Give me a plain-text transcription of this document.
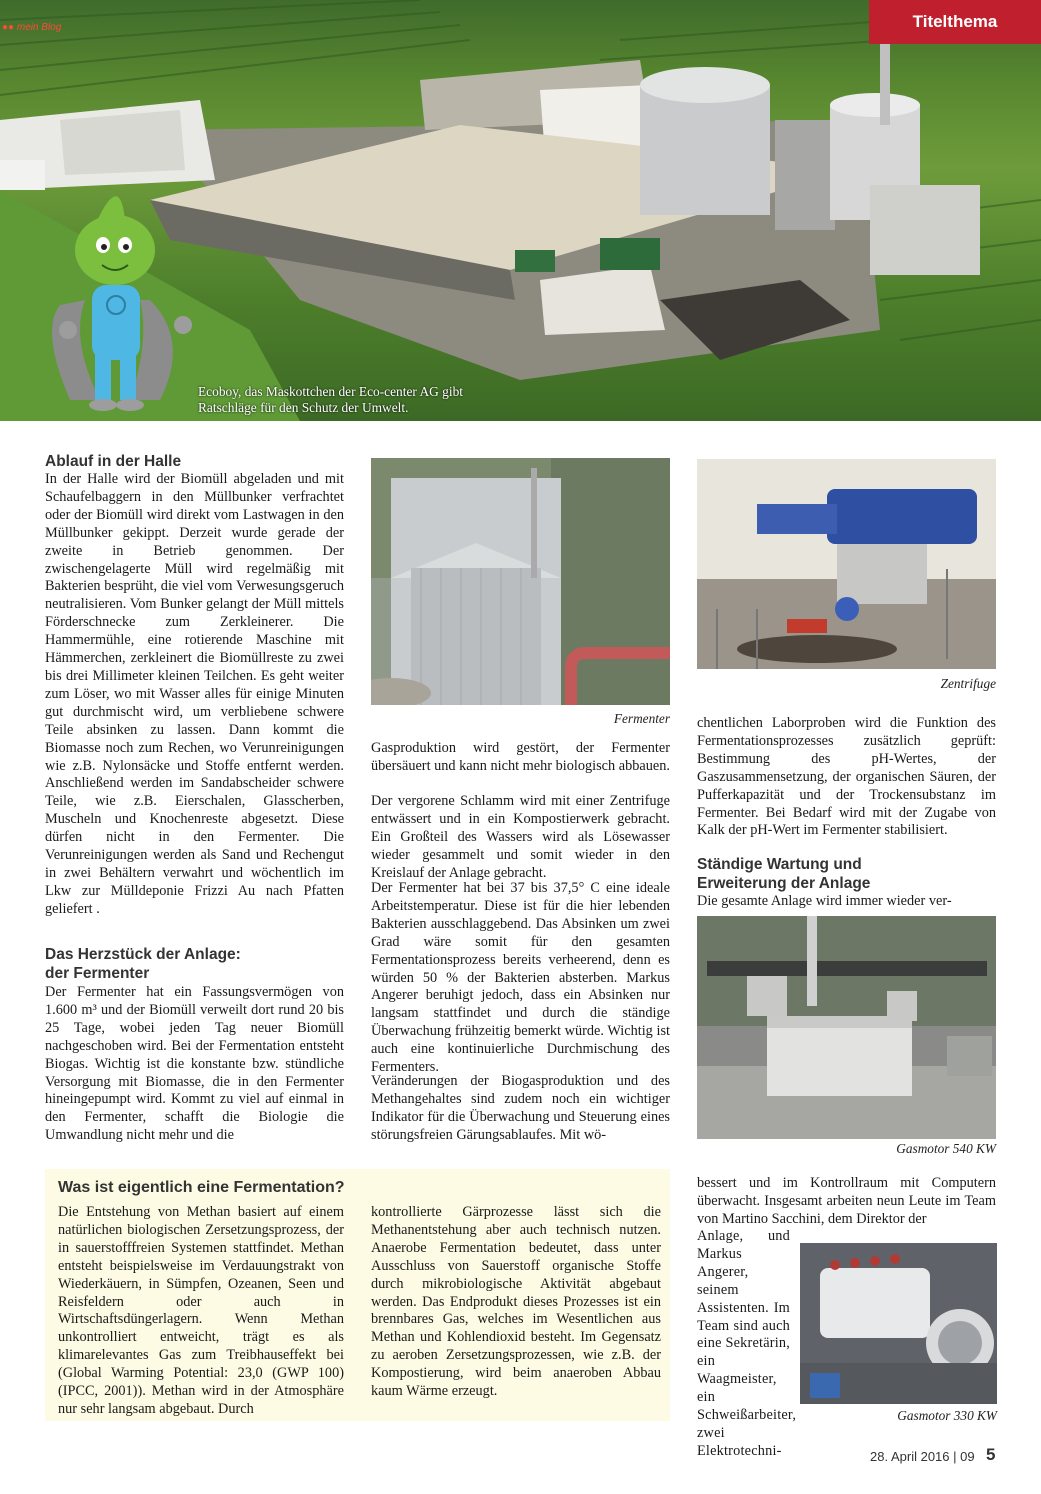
●● mein Blog	Titelthema
Ecoboy, das Maskottchen der Eco-center AG gibt Ratschläge für den Schutz der Umwelt.
Ablauf in der Halle
In der Halle wird der Biomüll abgeladen und mit Schaufelbaggern in den Müllbunker verfrachtet oder der Biomüll wird direkt vom Lastwagen in den Müllbunker gekippt. Derzeit wurde gerade der zweite in Betrieb genommen. Der zwischengelagerte Müll wird regelmäßig mit Bakterien besprüht, die viel vom Verwesungsgeruch neutralisieren. Vom Bunker gelangt der Müll mittels Förderschnecke zum Zerkleinerer. Die Hammermühle, eine rotierende Maschine mit Hämmerchen, zerkleinert die Biomüllreste zu zwei bis drei Millimeter kleinen Teilchen. Es geht weiter zum Löser, wo mit Wasser alles für einige Minuten gut durchmischt wird, um verbliebene schwere Teile absinken zu lassen. Dann kommt die Biomasse noch zum Rechen, wo Verunreinigungen wie z.B. Nylonsäcke und Stoffe entfernt werden. Anschließend werden im Sandabscheider schwere Teile, wie z.B. Eierschalen, Glasscherben, Muscheln und Knochenreste abgesetzt. Diese dürfen nicht in den Fermenter. Die Verunreinigungen werden als Sand und Rechengut in zwei Behältern verwahrt und wöchentlich im Lkw zur Mülldeponie Frizzi Au nach Pfatten geliefert .
Das Herzstück der Anlage:
der Fermenter
Der Fermenter hat ein Fassungsvermögen von 1.600 m³ und der Biomüll verweilt dort rund 20 bis 25 Tage, wobei jeden Tag neuer Biomüll nachgeschoben wird. Bei der Fermentation entsteht Biogas. Wichtig ist die konstante bzw. stündliche Versorgung mit Biomasse, die in den Fermenter hineingepumpt wird. Kommt zu viel auf einmal in den Fermenter, schafft die Biologie die Umwandlung nicht mehr und die
Fermenter
Gasproduktion wird gestört, der Fermenter übersäuert und kann nicht mehr biologisch abbauen.
Der vergorene Schlamm wird mit einer Zentrifuge entwässert und in ein Kompostierwerk gebracht. Ein Großteil des Wassers wird als Lösewasser wieder gesammelt und somit wieder in den Kreislauf der Anlage gebracht.
Der Fermenter hat bei 37 bis 37,5° C eine ideale Arbeitstemperatur. Diese ist für die hier lebenden Bakterien ausschlaggebend. Das Absinken um zwei Grad wäre somit für den gesamten Fermentationsprozess bereits verheerend, denn es würden 50 % der Bakterien absterben. Markus Angerer beruhigt jedoch, dass ein Absinken nur langsam stattfindet und durch die ständige Überwachung frühzeitig bemerkt würde. Wichtig ist auch eine kontinuierliche Durchmischung des Fermenters.
Veränderungen der Biogasproduktion und des Methangehaltes sind zudem noch ein wichtiger Indikator für die Überwachung und Steuerung eines störungsfreien Gärungsablaufes. Mit wö-
Zentrifuge
chentlichen Laborproben wird die Funktion des Fermentationsprozesses zusätzlich geprüft: Bestimmung des pH-Wertes, der Gaszusammensetzung, der organischen Säuren, der Pufferkapazität und der Trockensubstanz im Fermenter. Bei Bedarf wird mit der Zugabe von Kalk der pH-Wert im Fermenter stabilisiert.
Ständige Wartung und
Erweiterung der Anlage
Die gesamte Anlage wird immer wieder ver-
Gasmotor 540 KW
bessert und im Kontrollraum mit Computern überwacht. Insgesamt arbeiten neun Leute im Team von Martino Sacchini, dem Direktor der
Anlage, und Markus Angerer, seinem Assistenten. Im Team sind auch eine Sekretärin, ein Waagmeister, ein Schweißarbeiter, zwei Elektrotechni-
Gasmotor 330 KW
Was ist eigentlich eine Fermentation?
Die Entstehung von Methan basiert auf einem natürlichen biologischen Zersetzungsprozess, der in sauerstofffreien Systemen stattfindet. Methan entsteht beispielsweise im Verdauungstrakt von Wiederkäuern, in Sümpfen, Ozeanen, Seen und Reisfeldern oder auch in Wirtschaftsdüngerlagern. Wenn Methan unkontrolliert entweicht, trägt es als klimarelevantes Gas zum Treibhauseffekt bei (Global Warming Potential: 23,0 (GWP 100) (IPCC, 2001)). Methan wird in der Atmosphäre nur sehr langsam abgebaut. Durch
kontrollierte Gärprozesse lässt sich die Methanentstehung aber auch technisch nutzen. Anaerobe Fermentation bedeutet, dass unter Ausschluss von Sauerstoff organische Stoffe durch mikrobiologische Aktivität abgebaut werden. Das Endprodukt dieses Prozesses ist ein brennbares Gas, welches im Wesentlichen aus Methan und Kohlendioxid besteht. Im Gegensatz zu aeroben Zersetzungsprozessen, wie z.B. der Kompostierung, wird beim anaeroben Abbau kaum Wärme erzeugt.
28. April 2016 | 09 5
